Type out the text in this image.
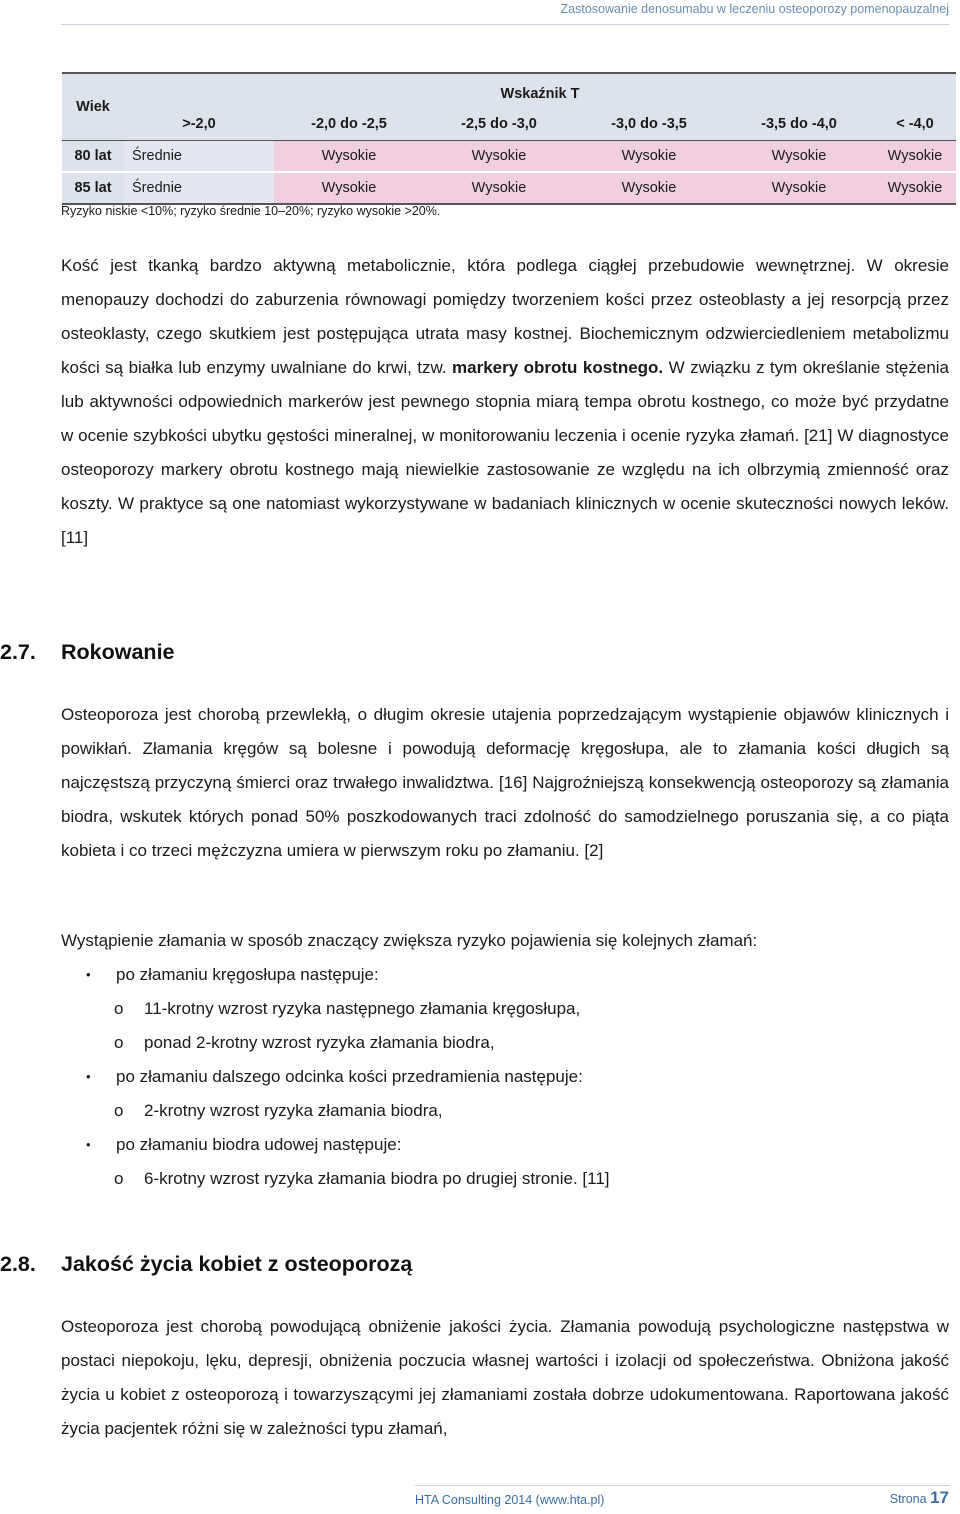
Zastosowanie denosumabu w leczeniu osteoporozy pomenopauzalnej
Wiek	Wskaźnik T					
	>-2,0	-2,0 do -2,5	-2,5 do -3,0	-3,0 do -3,5	-3,5 do -4,0	< -4,0
80 lat	Średnie	Wysokie	Wysokie	Wysokie	Wysokie	Wysokie
85 lat	Średnie	Wysokie	Wysokie	Wysokie	Wysokie	Wysokie
Ryzyko niskie <10%; ryzyko średnie 10–20%; ryzyko wysokie >20%.

Kość jest tkanką bardzo aktywną metabolicznie, która podlega ciągłej przebudowie wewnętrznej. W okresie menopauzy dochodzi do zaburzenia równowagi pomiędzy tworzeniem kości przez osteoblasty a jej resorpcją przez osteoklasty, czego skutkiem jest postępująca utrata masy kostnej. Biochemicznym odzwierciedleniem metabolizmu kości są białka lub enzymy uwalniane do krwi, tzw. markery obrotu kostnego. W związku z tym określanie stężenia lub aktywności odpowiednich markerów jest pewnego stopnia miarą tempa obrotu kostnego, co może być przydatne w ocenie szybkości ubytku gęstości mineralnej, w monitorowaniu leczenia i ocenie ryzyka złamań. [21] W diagnostyce osteoporozy markery obrotu kostnego mają niewielkie zastosowanie ze względu na ich olbrzymią zmienność oraz koszty. W praktyce są one natomiast wykorzystywane w badaniach klinicznych w ocenie skuteczności nowych leków. [11]

2.7. Rokowanie

Osteoporoza jest chorobą przewlekłą, o długim okresie utajenia poprzedzającym wystąpienie objawów klinicznych i powikłań. Złamania kręgów są bolesne i powodują deformację kręgosłupa, ale to złamania kości długich są najczęstszą przyczyną śmierci oraz trwałego inwalidztwa. [16] Najgroźniejszą konsekwencją osteoporozy są złamania biodra, wskutek których ponad 50% poszkodowanych traci zdolność do samodzielnego poruszania się, a co piąta kobieta i co trzeci mężczyzna umiera w pierwszym roku po złamaniu. [2]

Wystąpienie złamania w sposób znaczący zwiększa ryzyko pojawienia się kolejnych złamań:

• po złamaniu kręgosłupa następuje:
o 11-krotny wzrost ryzyka następnego złamania kręgosłupa,
o ponad 2-krotny wzrost ryzyka złamania biodra,
• po złamaniu dalszego odcinka kości przedramienia następuje:
o 2-krotny wzrost ryzyka złamania biodra,
• po złamaniu biodra udowej następuje:
o 6-krotny wzrost ryzyka złamania biodra po drugiej stronie. [11]
2.8. Jakość życia kobiet z osteoporozą

Osteoporoza jest chorobą powodującą obniżenie jakości życia. Złamania powodują psychologiczne następstwa w postaci niepokoju, lęku, depresji, obniżenia poczucia własnej wartości i izolacji od społeczeństwa. Obniżona jakość życia u kobiet z osteoporozą i towarzyszącymi jej złamaniami została dobrze udokumentowana. Raportowana jakość życia pacjentek różni się w zależności typu złamań,

HTA Consulting 2014 (www.hta.pl)	Strona 17
